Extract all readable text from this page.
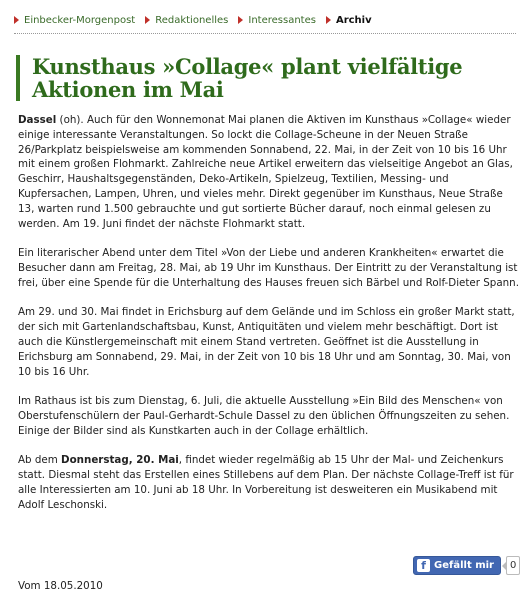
Einbecker-Morgenpost Redaktionelles Interessantes Archiv
Kunsthaus »Collage« plant vielfältige Aktionen im Mai

Dassel (oh). Auch für den Wonnemonat Mai planen die Aktiven im Kunsthaus »Collage« wieder einige interessante Veranstaltungen. So lockt die Collage-Scheune in der Neuen Straße 26/Parkplatz beispielsweise am kommenden Sonnabend, 22. Mai, in der Zeit von 10 bis 16 Uhr mit einem großen Flohmarkt. Zahlreiche neue Artikel erweitern das vielseitige Angebot an Glas, Geschirr, Haushaltsgegenständen, Deko-Artikeln, Spielzeug, Textilien, Messing- und Kupfersachen, Lampen, Uhren, und vieles mehr. Direkt gegenüber im Kunsthaus, Neue Straße 13, warten rund 1.500 gebrauchte und gut sortierte Bücher darauf, noch einmal gelesen zu werden. Am 19. Juni findet der nächste Flohmarkt statt.

Ein literarischer Abend unter dem Titel »Von der Liebe und anderen Krankheiten« erwartet die Besucher dann am Freitag, 28. Mai, ab 19 Uhr im Kunsthaus. Der Eintritt zu der Veranstaltung ist frei, über eine Spende für die Unterhaltung des Hauses freuen sich Bärbel und Rolf-Dieter Spann.

Am 29. und 30. Mai findet in Erichsburg auf dem Gelände und im Schloss ein großer Markt statt, der sich mit Gartenlandschaftsbau, Kunst, Antiquitäten und vielem mehr beschäftigt. Dort ist auch die Künstlergemeinschaft mit einem Stand vertreten. Geöffnet ist die Ausstellung in Erichsburg am Sonnabend, 29. Mai, in der Zeit von 10 bis 18 Uhr und am Sonntag, 30. Mai, von 10 bis 16 Uhr.

Im Rathaus ist bis zum Dienstag, 6. Juli, die aktuelle Ausstellung »Ein Bild des Menschen« von Oberstufenschülern der Paul-Gerhardt-Schule Dassel zu den üblichen Öffnungszeiten zu sehen. Einige der Bilder sind als Kunstkarten auch in der Collage erhältlich.

Ab dem Donnerstag, 20. Mai, findet wieder regelmäßig ab 15 Uhr der Mal- und Zeichenkurs statt. Diesmal steht das Erstellen eines Stillebens auf dem Plan. Der nächste Collage-Treff ist für alle Interessierten am 10. Juni ab 18 Uhr. In Vorbereitung ist desweiteren ein Musikabend mit Adolf Leschonski.

f Gefällt mir	0
Vom 18.05.2010
